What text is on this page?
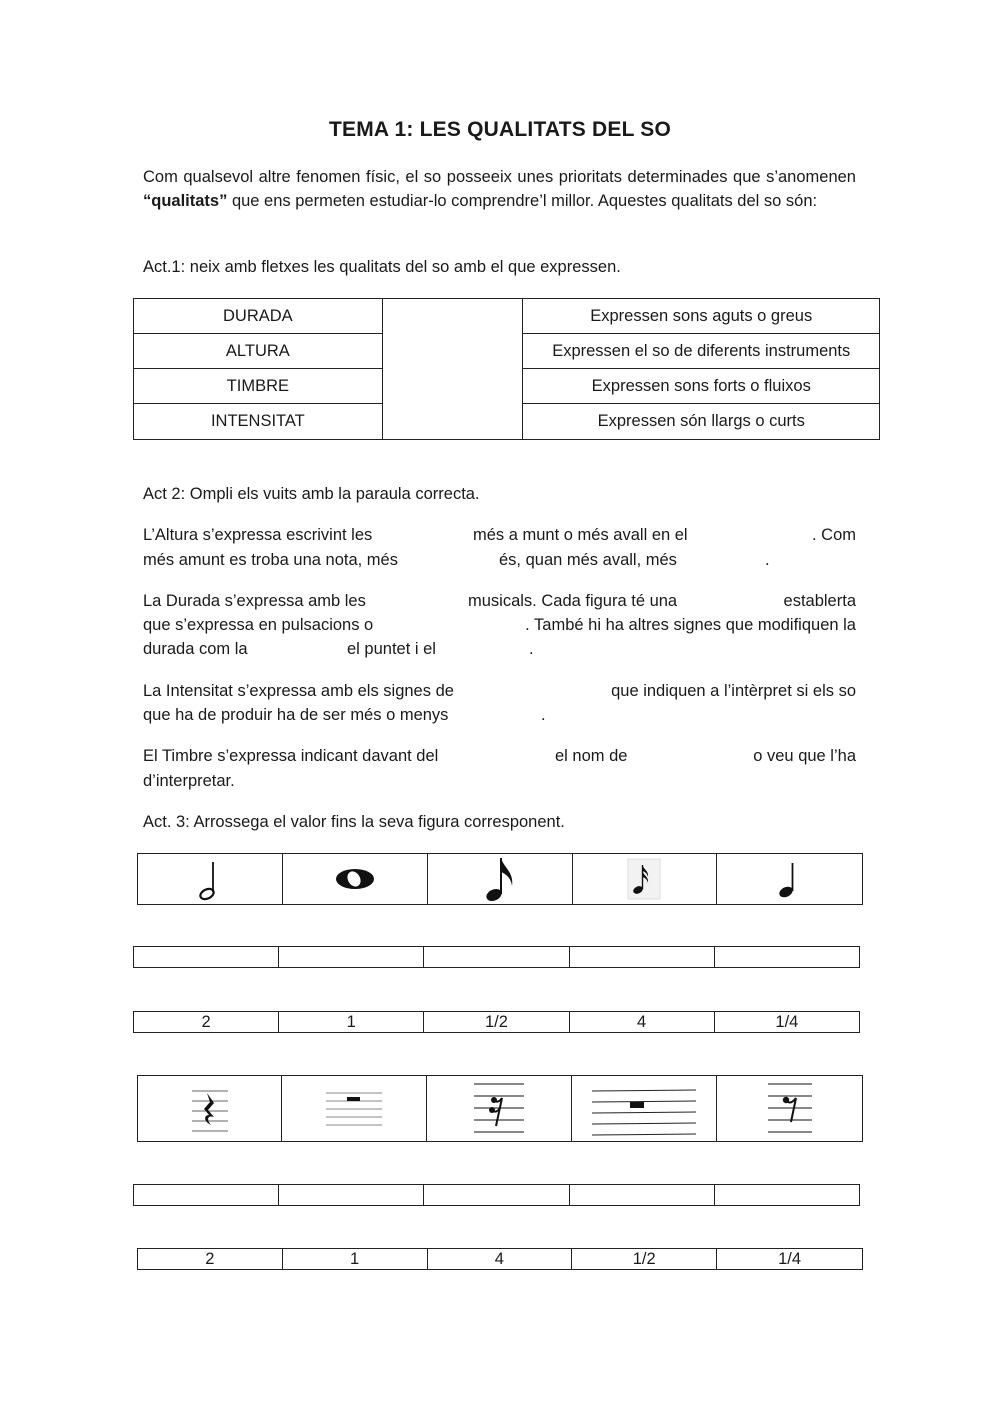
TEMA 1: LES QUALITATS DEL SO

Com qualsevol altre fenomen físic, el so posseeix unes prioritats determinades que s’anomenen “qualitats” que ens permeten estudiar-lo comprendre’l millor. Aquestes qualitats del so són:

Act.1: neix amb fletxes les qualitats del so amb el que expressen.

DURADA		Expressen sons aguts o greus
ALTURA		Expressen el so de diferents instruments
TIMBRE		Expressen sons forts o fluixos
INTENSITAT		Expressen són llargs o curts

Act 2: Ompli els vuits amb la paraula correcta.

L’Altura s’expressa escrivint les	més a munt o més avall en el	. Com
més amunt es troba una nota, més	és, quan més avall, més	.
La Durada s’expressa amb les	musicals. Cada figura té una	establerta
que s’expressa en pulsacions o	. També hi ha altres signes que modifiquen la
durada com la	el puntet i el	.
La Intensitat s’expressa amb els signes de	que indiquen a l’intèrpret si els so
que ha de produir ha de ser més o menys	.
El Timbre s’expressa indicant davant del	el nom de	o veu que l’ha
d’interpretar.

Act. 3: Arrossega el valor fins la seva figura corresponent.

2	1	1/2	4	1/4

2	1	4	1/2	1/4
